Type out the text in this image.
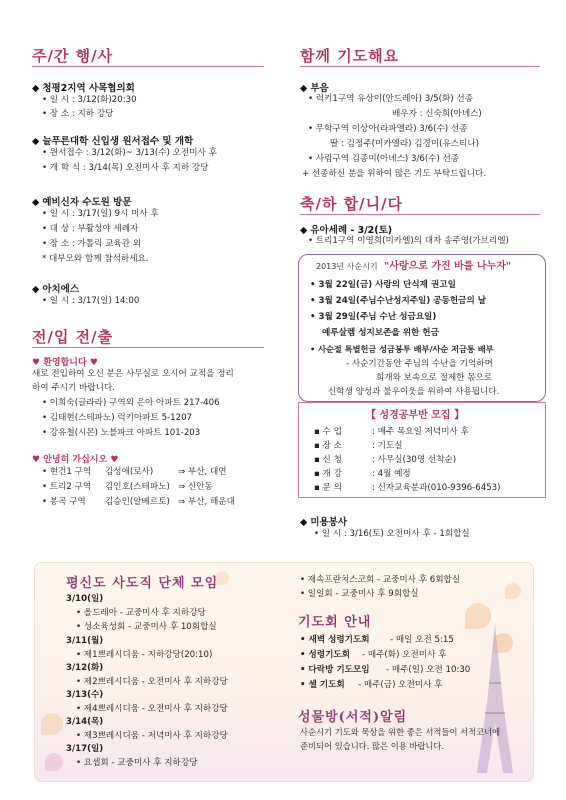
주/간 행/사
◆ 청평2지역 사목협의회
• 일 시 : 3/12(화)20:30
• 장 소 : 지하 강당
◆ 늘푸른대학 신입생 원서접수 및 개학
• 원서접수 : 3/12(화)~ 3/13(수) 오전미사 후
• 개 학 식 : 3/14(목) 오전미사 후 지하 강당
◆ 예비신자 수도원 방문
• 일 시 : 3/17(일) 9시 미사 후
• 대 상 : 부활성야 세례자
• 장 소 : 가톨릭 교육관 외
* 대부모와 함께 참석하세요.
◆ 아치에스
• 일 시 : 3/17(일) 14:00
전/입 전/출
♥ 환영합니다 ♥
새로 전입하여 오신 분은 사무실로 오시어 교적을 정리
하여 주시기 바랍니다.
• 이희숙(글라라) 구역외 은아 아파트 217-406
• 김태현(스테파노) 럭키아파트 5-1207
• 강유철(시몬) 노블파크 아파트 101-203
♥ 안녕히 가십시오 ♥
• 현건1 구역 김성애(로사)	⇒ 부산, 대연
• 트리2 구역 김인호(스테파노) ⇒ 신안동
• 봉곡 구역 김승인(알베르토) ⇒ 부산, 해운대
함께 기도해요
◆ 부음
• 럭키1구역 유상이(안드레아) 3/5(화) 선종
배우자 : 신숙희(아녜스)
• 무학구역 이상아(라파엘라) 3/6(수) 선종
딸 : 김정주(미카엘라) 김경미(유스티나)
• 사림구역 김종미(아녜스) 3/6(수) 선종
+ 선종하신 분을 위하여 많은 기도 부탁드립니다.
축/하 합/니/다
◆ 유아세례 - 3/2(토)
• 트리1구역 이영희(미카엘)의 대자 송주영(가브리엘)
2013년 사순시기 "사랑으로 가진 바를 나누자"
• 3월 22일(금) 사랑의 단식재 권고일
• 3월 24일(주님수난성지주일) 공동헌금의 날
• 3월 29일(주님 수난 성금요일)
예루살렘 성지보존을 위한 헌금
• 사순절 특별헌금 성금봉투 배부/사순 저금통 배부
- 사순기간동안 주님의 수난을 기억하며
희개와 보속으로 절제한 몫으로
신학생 양성과 불우이웃을 위하여 사용됩니다.
【 성경공부반 모집 】
▪ 수 업	: 매주 목요일 저녁미사 후
▪ 장 소	: 기도실
▪ 신 청	: 사무실(30명 선착순)
▪ 개 강	: 4월 예정
▪ 문 의	: 신자교육분과(010-9396-6453)
◆ 미용봉사
• 일 시 : 3/16(토) 오전미사 후 - 1회합실
평신도 사도직 단체 모임
3/10(일)
• 올드레아 - 교중미사 후 지하강당
• 성소육성회 - 교중미사 후 10회합실
3/11(월)
• 제1쁘레시디움 - 지하강당(20:10)
3/12(화)
• 제2쁘레시디움 - 오전미사 후 지하강당
3/13(수)
• 제4쁘레시디움 - 오전미사 후 지하강당
3/14(목)
• 제3쁘레시디움 - 저녁미사 후 지하강당
3/17(일)
• 요셉회 - 교중미사 후 지하강당
• 재속프란치스코회 - 교중미사 후 6회합실
• 일일회 - 교중미사 후 9회합실
기도회 안내
• 새벽 성령기도회 - 매일 오전 5:15
• 성령기도회 - 매주(화) 오전미사 후
• 다락방 기도모임 - 매주(일) 오전 10:30
• 셀 기도회 - 매주(금) 오전미사 후
성물방(서적)알림
사순시기 기도와 묵상을 위한 좋은 서적들이 서적코너에
준비되어 있습니다. 많은 이용 바랍니다.
